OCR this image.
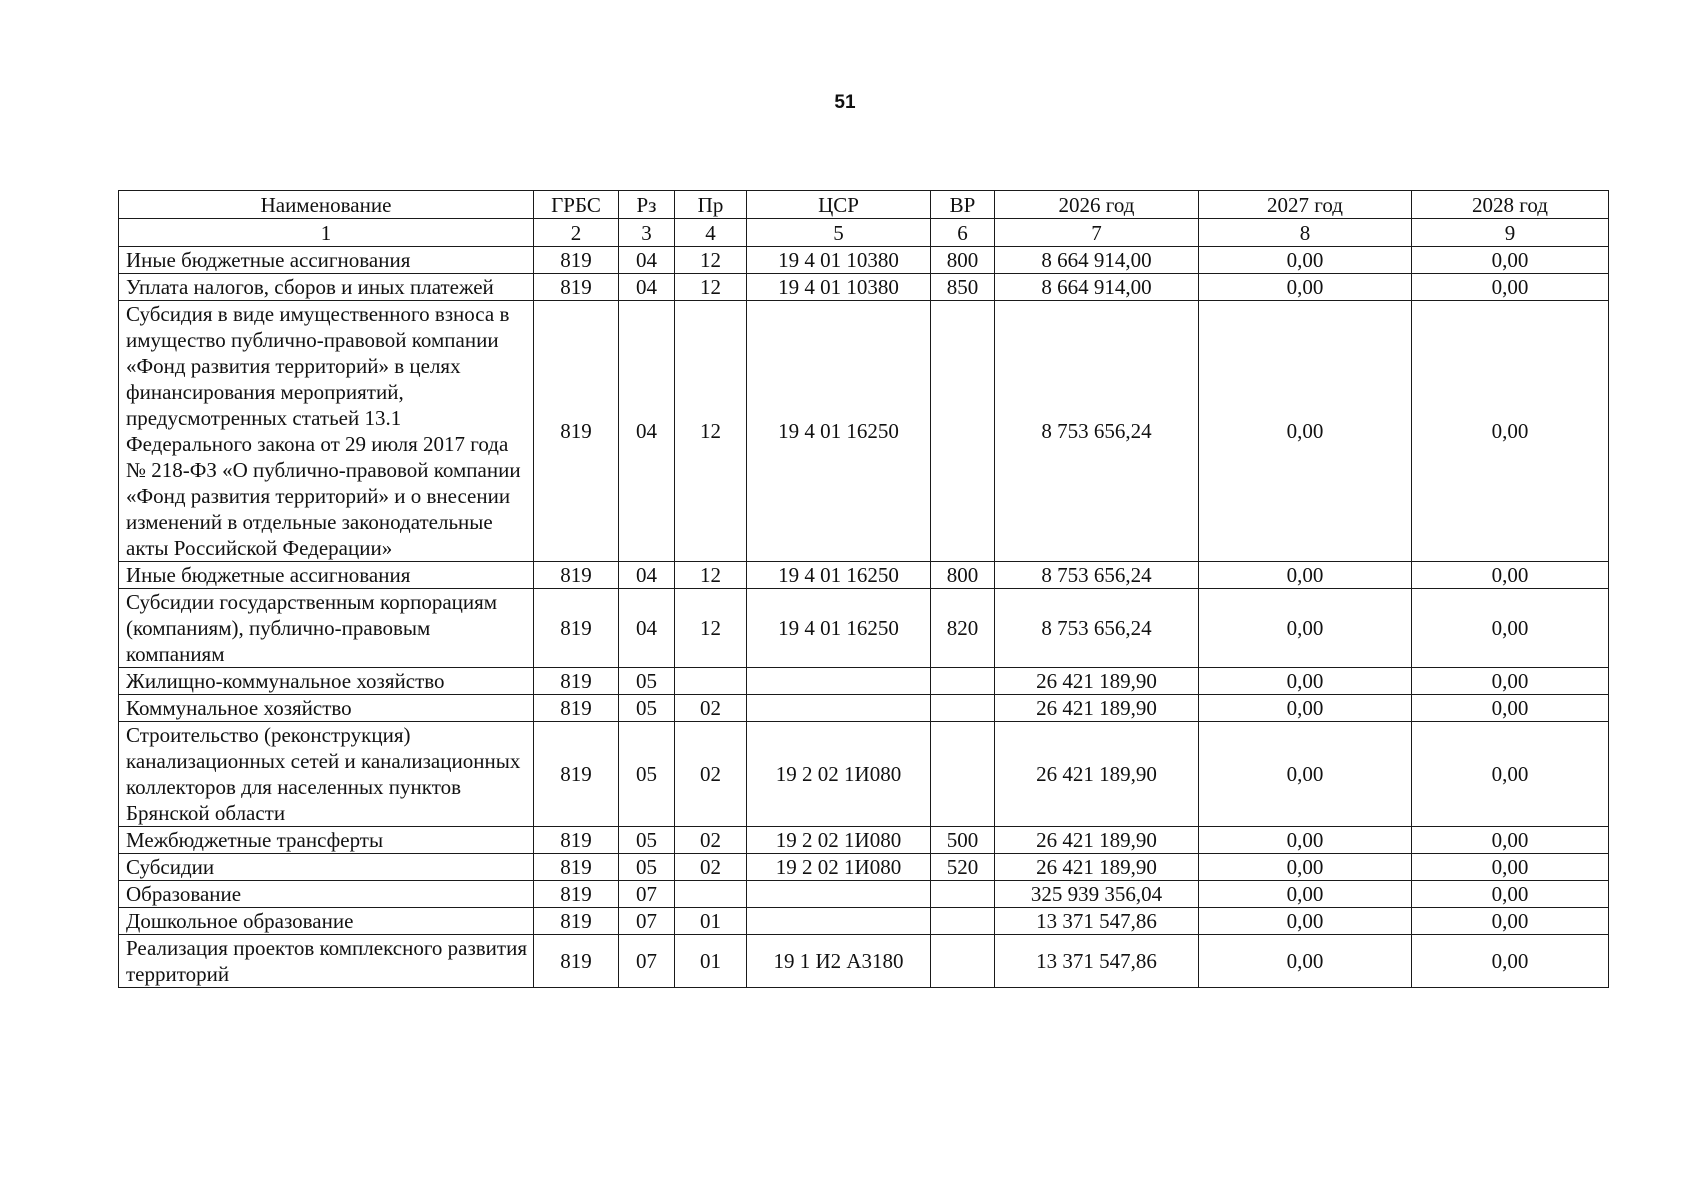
51
Наименование	ГРБС	Рз	Пр	ЦСР	ВР	2026 год	2027 год	2028 год
1	2	3	4	5	6	7	8	9
Иные бюджетные ассигнования	819	04	12	19 4 01 10380	800	8 664 914,00	0,00	0,00
Уплата налогов, сборов и иных платежей	819	04	12	19 4 01 10380	850	8 664 914,00	0,00	0,00
Субсидия в виде имущественного взноса в имущество публично-правовой компании «Фонд развития территорий» в целях финансирования мероприятий, предусмотренных статьей 13.1 Федерального закона от 29 июля 2017 года № 218-ФЗ «О публично-правовой компании «Фонд развития территорий» и о внесении изменений в отдельные законодательные акты Российской Федерации»	819	04	12	19 4 01 16250		8 753 656,24	0,00	0,00
Иные бюджетные ассигнования	819	04	12	19 4 01 16250	800	8 753 656,24	0,00	0,00
Субсидии государственным корпорациям (компаниям), публично-правовым компаниям	819	04	12	19 4 01 16250	820	8 753 656,24	0,00	0,00
Жилищно-коммунальное хозяйство	819	05				26 421 189,90	0,00	0,00
Коммунальное хозяйство	819	05	02			26 421 189,90	0,00	0,00
Строительство (реконструкция) канализационных сетей и канализационных коллекторов для населенных пунктов Брянской области	819	05	02	19 2 02 1И080		26 421 189,90	0,00	0,00
Межбюджетные трансферты	819	05	02	19 2 02 1И080	500	26 421 189,90	0,00	0,00
Субсидии	819	05	02	19 2 02 1И080	520	26 421 189,90	0,00	0,00
Образование	819	07				325 939 356,04	0,00	0,00
Дошкольное образование	819	07	01			13 371 547,86	0,00	0,00
Реализация проектов комплексного развития территорий	819	07	01	19 1 И2 А3180		13 371 547,86	0,00	0,00
